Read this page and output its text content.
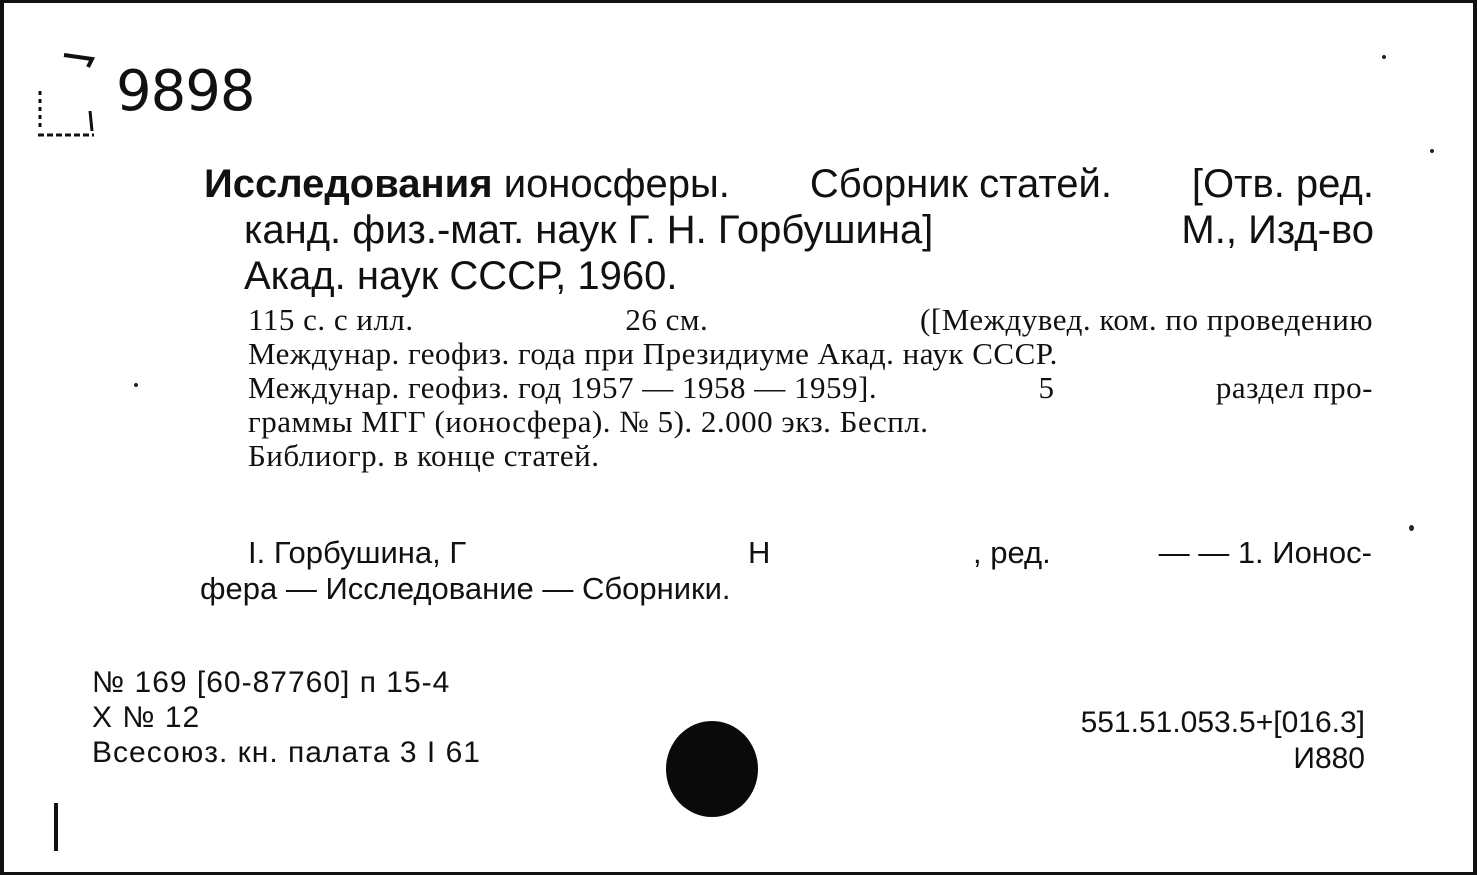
9898
Исследования ионосферы. Сборник статей. [Отв. ред.
канд. физ.-мат. наук Г. Н. Горбушина]	М., Изд-во
Акад. наук СССР, 1960.
115 с. с илл.	26 см.	([Междувед. ком. по проведению
Междунар. геофиз. года при Президиуме Акад. наук СССР.
Междунар. геофиз. год 1957 — 1958 — 1959].	5	раздел про-
граммы МГГ (ионосфера). № 5). 2.000 экз. Беспл.
Библиогр. в конце статей.
I. Горбушина, Г	Н	, ред.	— — 1. Ионос-
фера — Исследование — Сборники.
№ 169 [60-87760] п 15-4
X № 12
Всесоюз. кн. палата 3 I 61
551.51.053.5+[016.3]
И880
